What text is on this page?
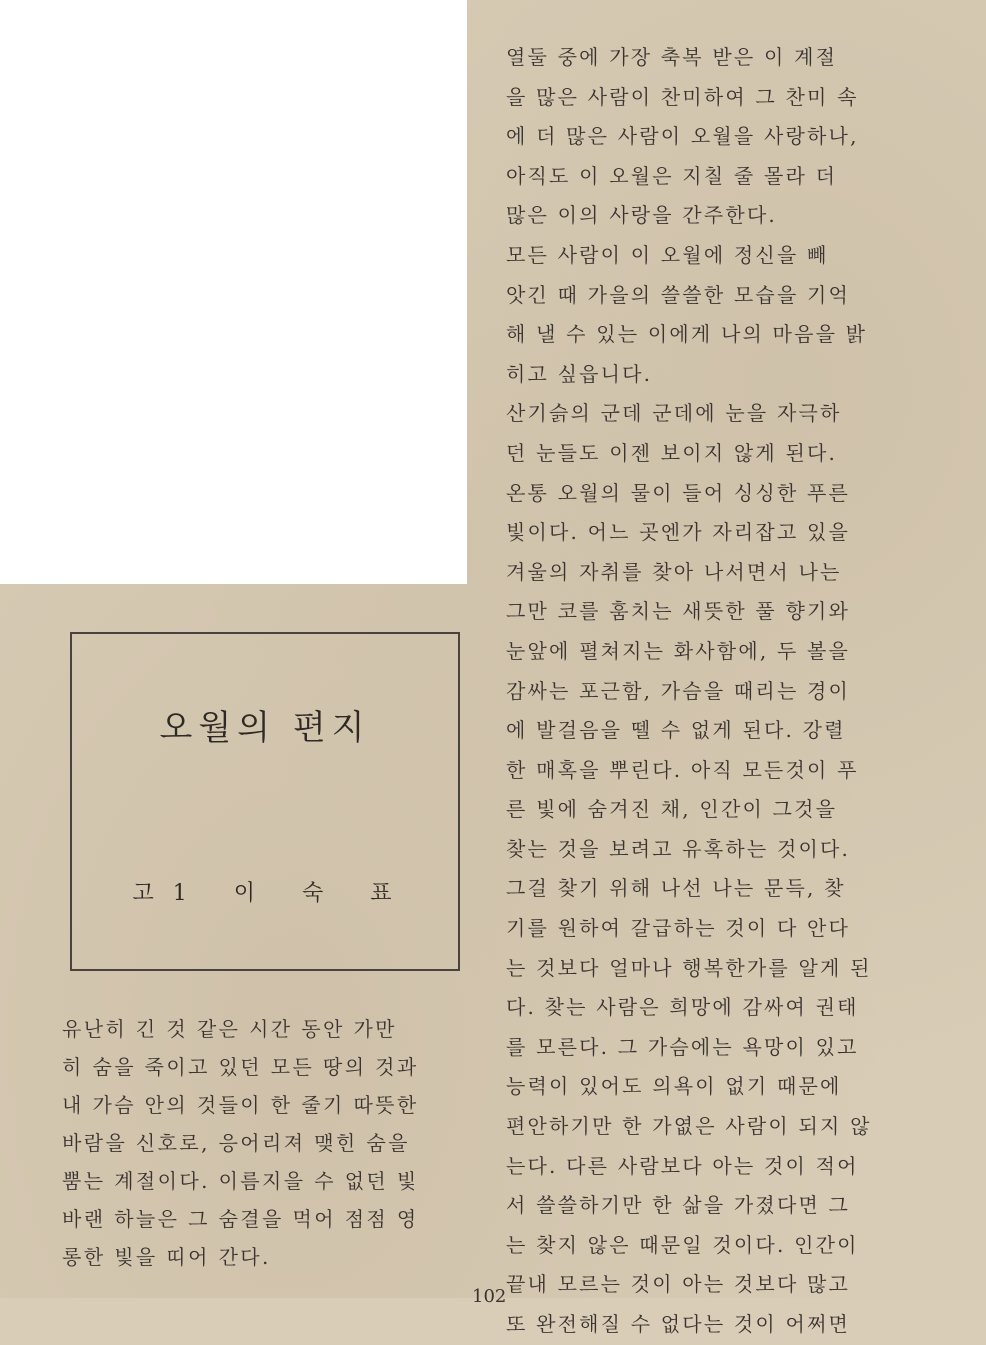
열둘 중에 가장 축복 받은 이 계절
을 많은 사람이 찬미하여 그 찬미 속
에 더 많은 사람이 오월을 사랑하나,
아직도 이 오월은 지칠 줄 몰라 더
많은 이의 사랑을 간주한다.
모든 사람이 이 오월에 정신을 빼
앗긴 때 가을의 쓸쓸한 모습을 기억
해 낼 수 있는 이에게 나의 마음을 밝
히고 싶읍니다.
산기슭의 군데 군데에 눈을 자극하
던 눈들도 이젠 보이지 않게 된다.
온통 오월의 물이 들어 싱싱한 푸른
빛이다. 어느 곳엔가 자리잡고 있을
겨울의 자취를 찾아 나서면서 나는
그만 코를 훔치는 새뜻한 풀 향기와
눈앞에 펼쳐지는 화사함에, 두 볼을
감싸는 포근함, 가슴을 때리는 경이
에 발걸음을 뗄 수 없게 된다. 강렬
한 매혹을 뿌린다. 아직 모든것이 푸
른 빛에 숨겨진 채, 인간이 그것을
찾는 것을 보려고 유혹하는 것이다.
그걸 찾기 위해 나선 나는 문득, 찾
기를 원하여 갈급하는 것이 다 안다
는 것보다 얼마나 행복한가를 알게 된
다. 찾는 사람은 희망에 감싸여 권태
를 모른다. 그 가슴에는 욕망이 있고
능력이 있어도 의욕이 없기 때문에
편안하기만 한 가엾은 사람이 되지 않
는다. 다른 사람보다 아는 것이 적어
서 쓸쓸하기만 한 삶을 가졌다면 그
는 찾지 않은 때문일 것이다. 인간이
끝내 모르는 것이 아는 것보다 많고
또 완전해질 수 없다는 것이 어쩌면
오월의 편지
고 1 이 숙 표
유난히 긴 것 같은 시간 동안 가만
히 숨을 죽이고 있던 모든 땅의 것과
내 가슴 안의 것들이 한 줄기 따뜻한
바람을 신호로, 응어리져 맺힌 숨을
뿜는 계절이다. 이름지을 수 없던 빛
바랜 하늘은 그 숨결을 먹어 점점 영
롱한 빛을 띠어 간다.
102
